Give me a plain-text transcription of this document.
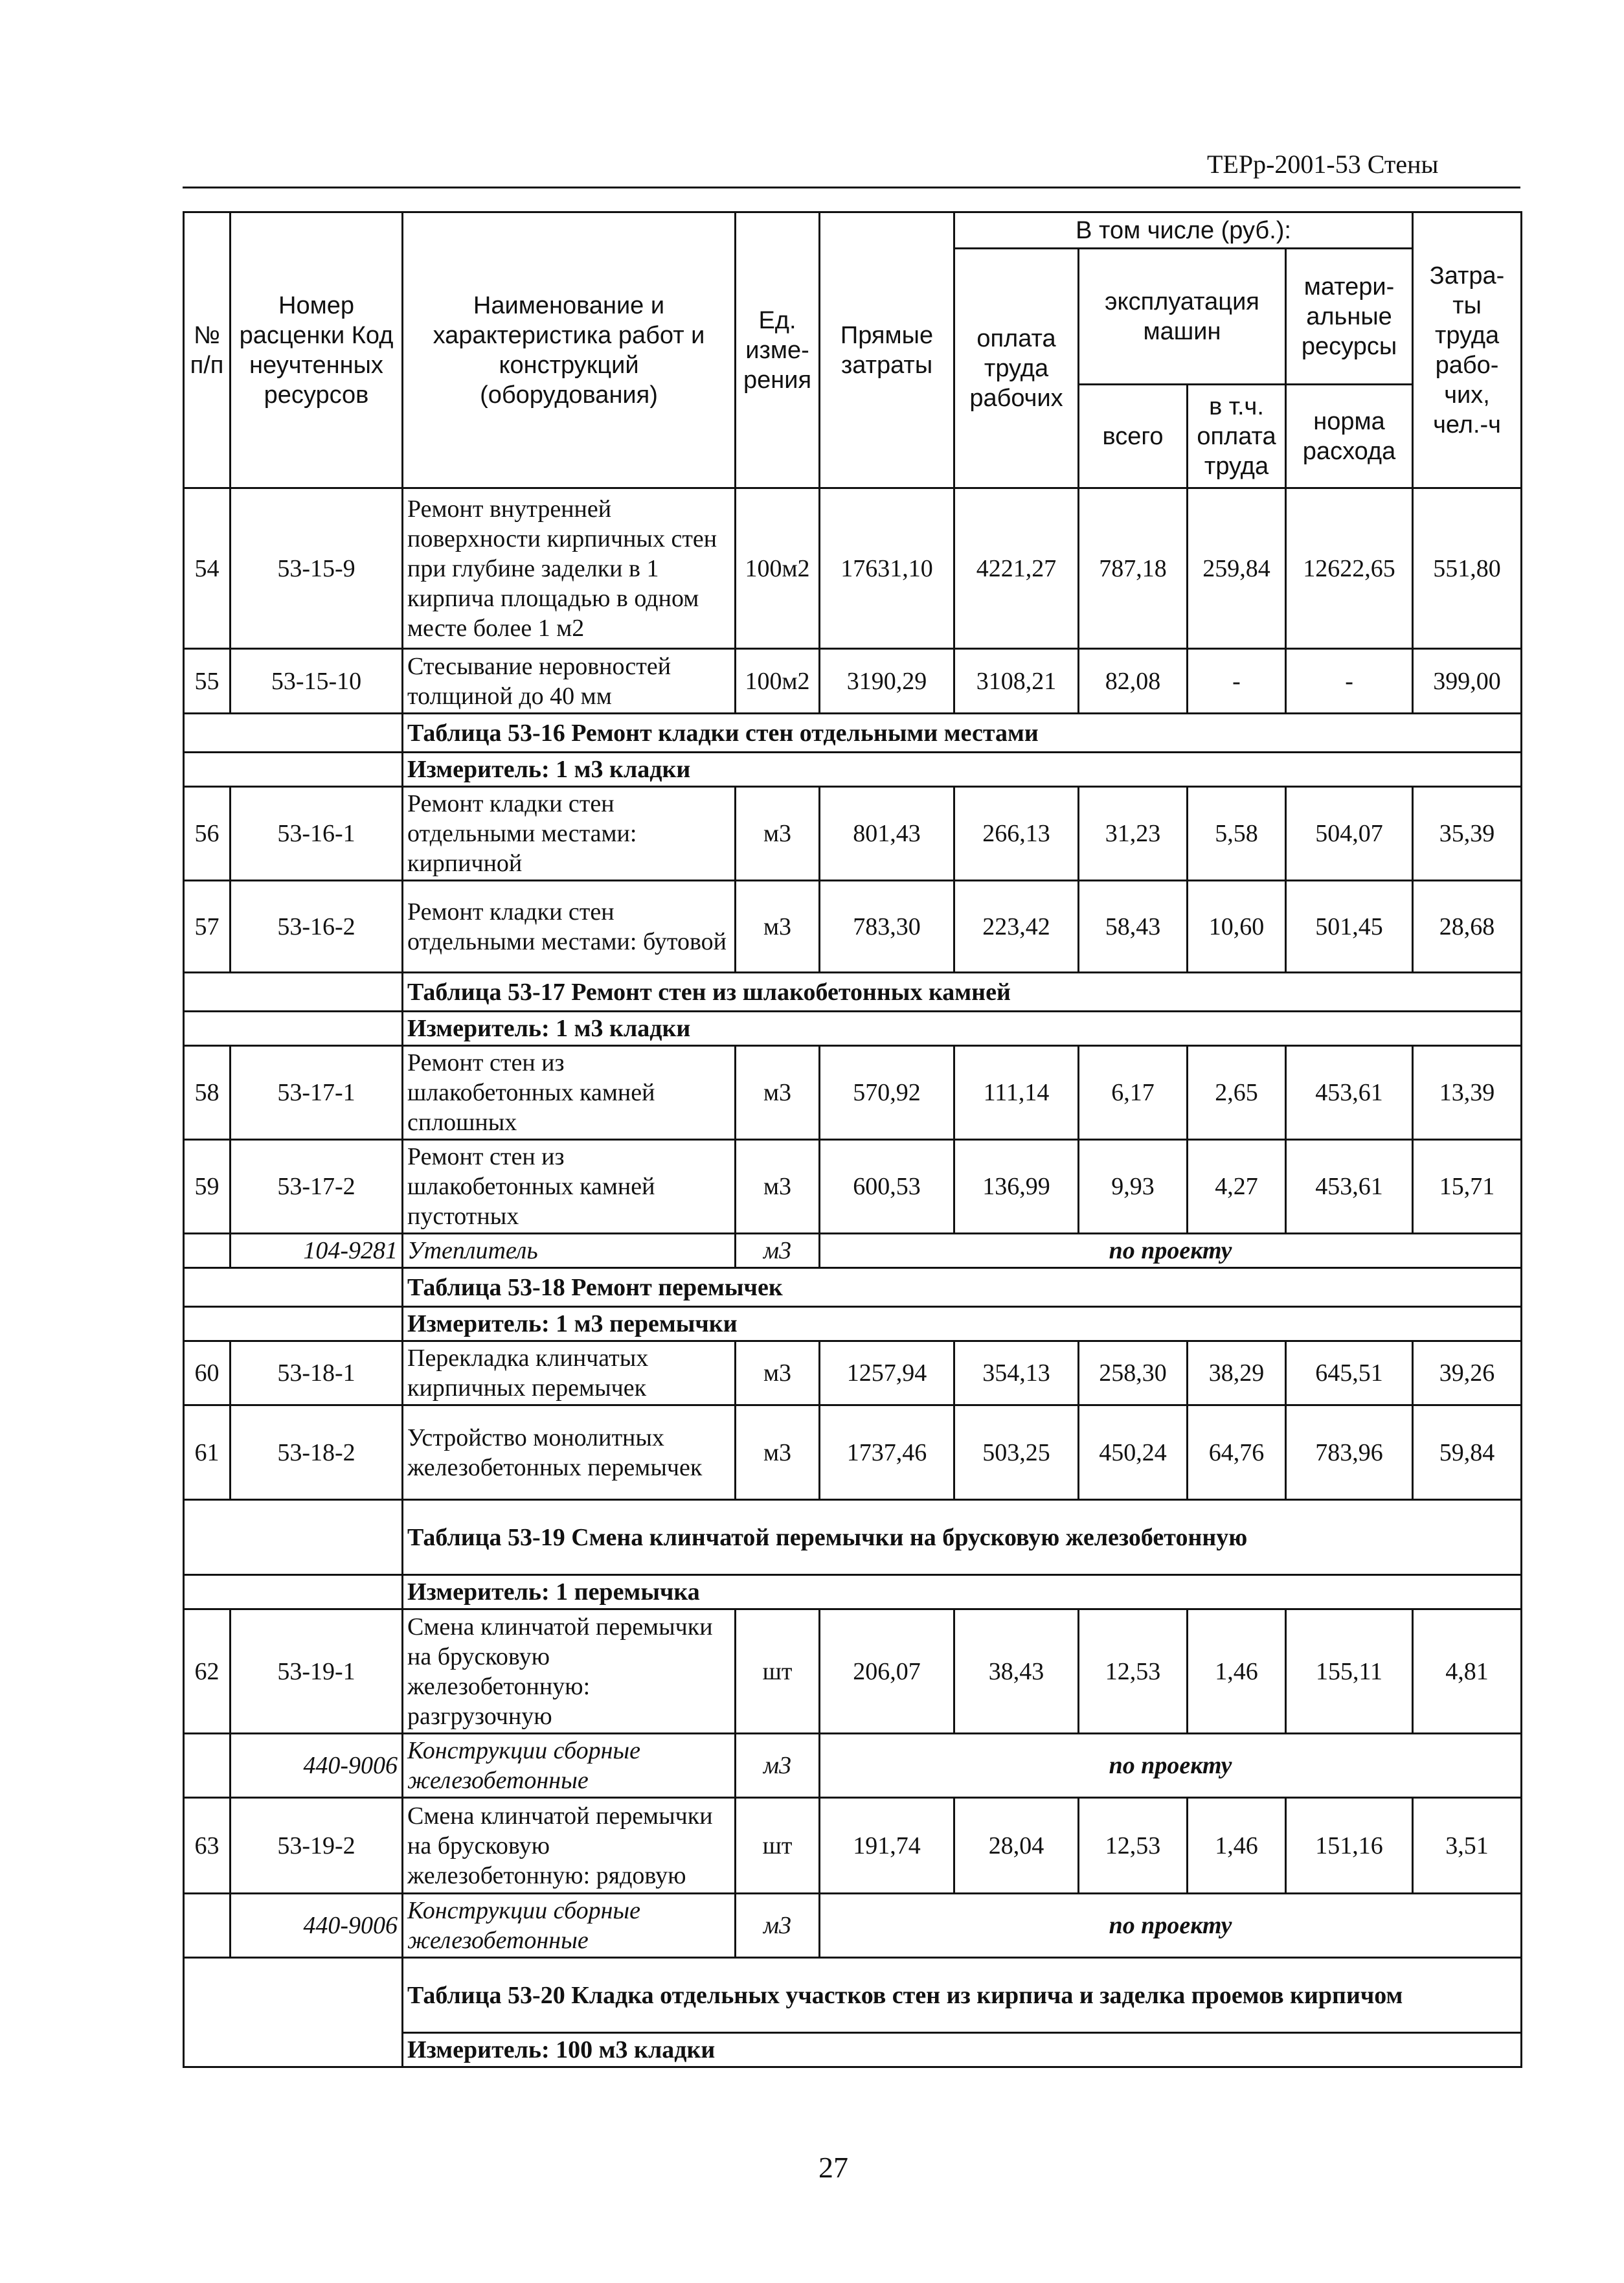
ТЕРр-2001-53 Стены
№ п/п	Номер расценки Код неучтенных ресурсов	Наименование и характеристика работ и конструкций (оборудования)	Ед. изме-рения	Прямые затраты	В том числе (руб.):				Затра-ты труда рабо-чих, чел.-ч
					оплата труда рабочих	эксплуатация машин		матери-альные ресурсы	
						всего	в т.ч. оплата труда	норма расхода	
54	53-15-9	Ремонт внутренней поверхности кирпичных стен при глубине заделки в 1 кирпича площадью в одном месте более 1 м2	100м2	17631,10	4221,27	787,18	259,84	12622,65	551,80
55	53-15-10	Стесывание неровностей толщиной до 40 мм	100м2	3190,29	3108,21	82,08	-	-	399,00
		Таблица 53-16 Ремонт кладки стен отдельными местами							
		Измеритель: 1 м3 кладки							
56	53-16-1	Ремонт кладки стен отдельными местами: кирпичной	м3	801,43	266,13	31,23	5,58	504,07	35,39
57	53-16-2	Ремонт кладки стен отдельными местами: бутовой	м3	783,30	223,42	58,43	10,60	501,45	28,68
		Таблица 53-17 Ремонт стен из шлакобетонных камней							
		Измеритель: 1 м3 кладки							
58	53-17-1	Ремонт стен из шлакобетонных камней сплошных	м3	570,92	111,14	6,17	2,65	453,61	13,39
59	53-17-2	Ремонт стен из шлакобетонных камней пустотных	м3	600,53	136,99	9,93	4,27	453,61	15,71
	104-9281	Утеплитель	м3	по проекту					
		Таблица 53-18 Ремонт перемычек							
		Измеритель: 1 м3 перемычки							
60	53-18-1	Перекладка клинчатых кирпичных перемычек	м3	1257,94	354,13	258,30	38,29	645,51	39,26
61	53-18-2	Устройство монолитных железобетонных перемычек	м3	1737,46	503,25	450,24	64,76	783,96	59,84
		Таблица 53-19 Смена клинчатой перемычки на брусковую железобетонную							
		Измеритель: 1 перемычка							
62	53-19-1	Смена клинчатой перемычки на брусковую железобетонную: разгрузочную	шт	206,07	38,43	12,53	1,46	155,11	4,81
	440-9006	Конструкции сборные железобетонные	м3	по проекту					
63	53-19-2	Смена клинчатой перемычки на брусковую железобетонную: рядовую	шт	191,74	28,04	12,53	1,46	151,16	3,51
	440-9006	Конструкции сборные железобетонные	м3	по проекту					
		Таблица 53-20 Кладка отдельных участков стен из кирпича и заделка проемов кирпичом							
		Измеритель: 100 м3 кладки							
27
